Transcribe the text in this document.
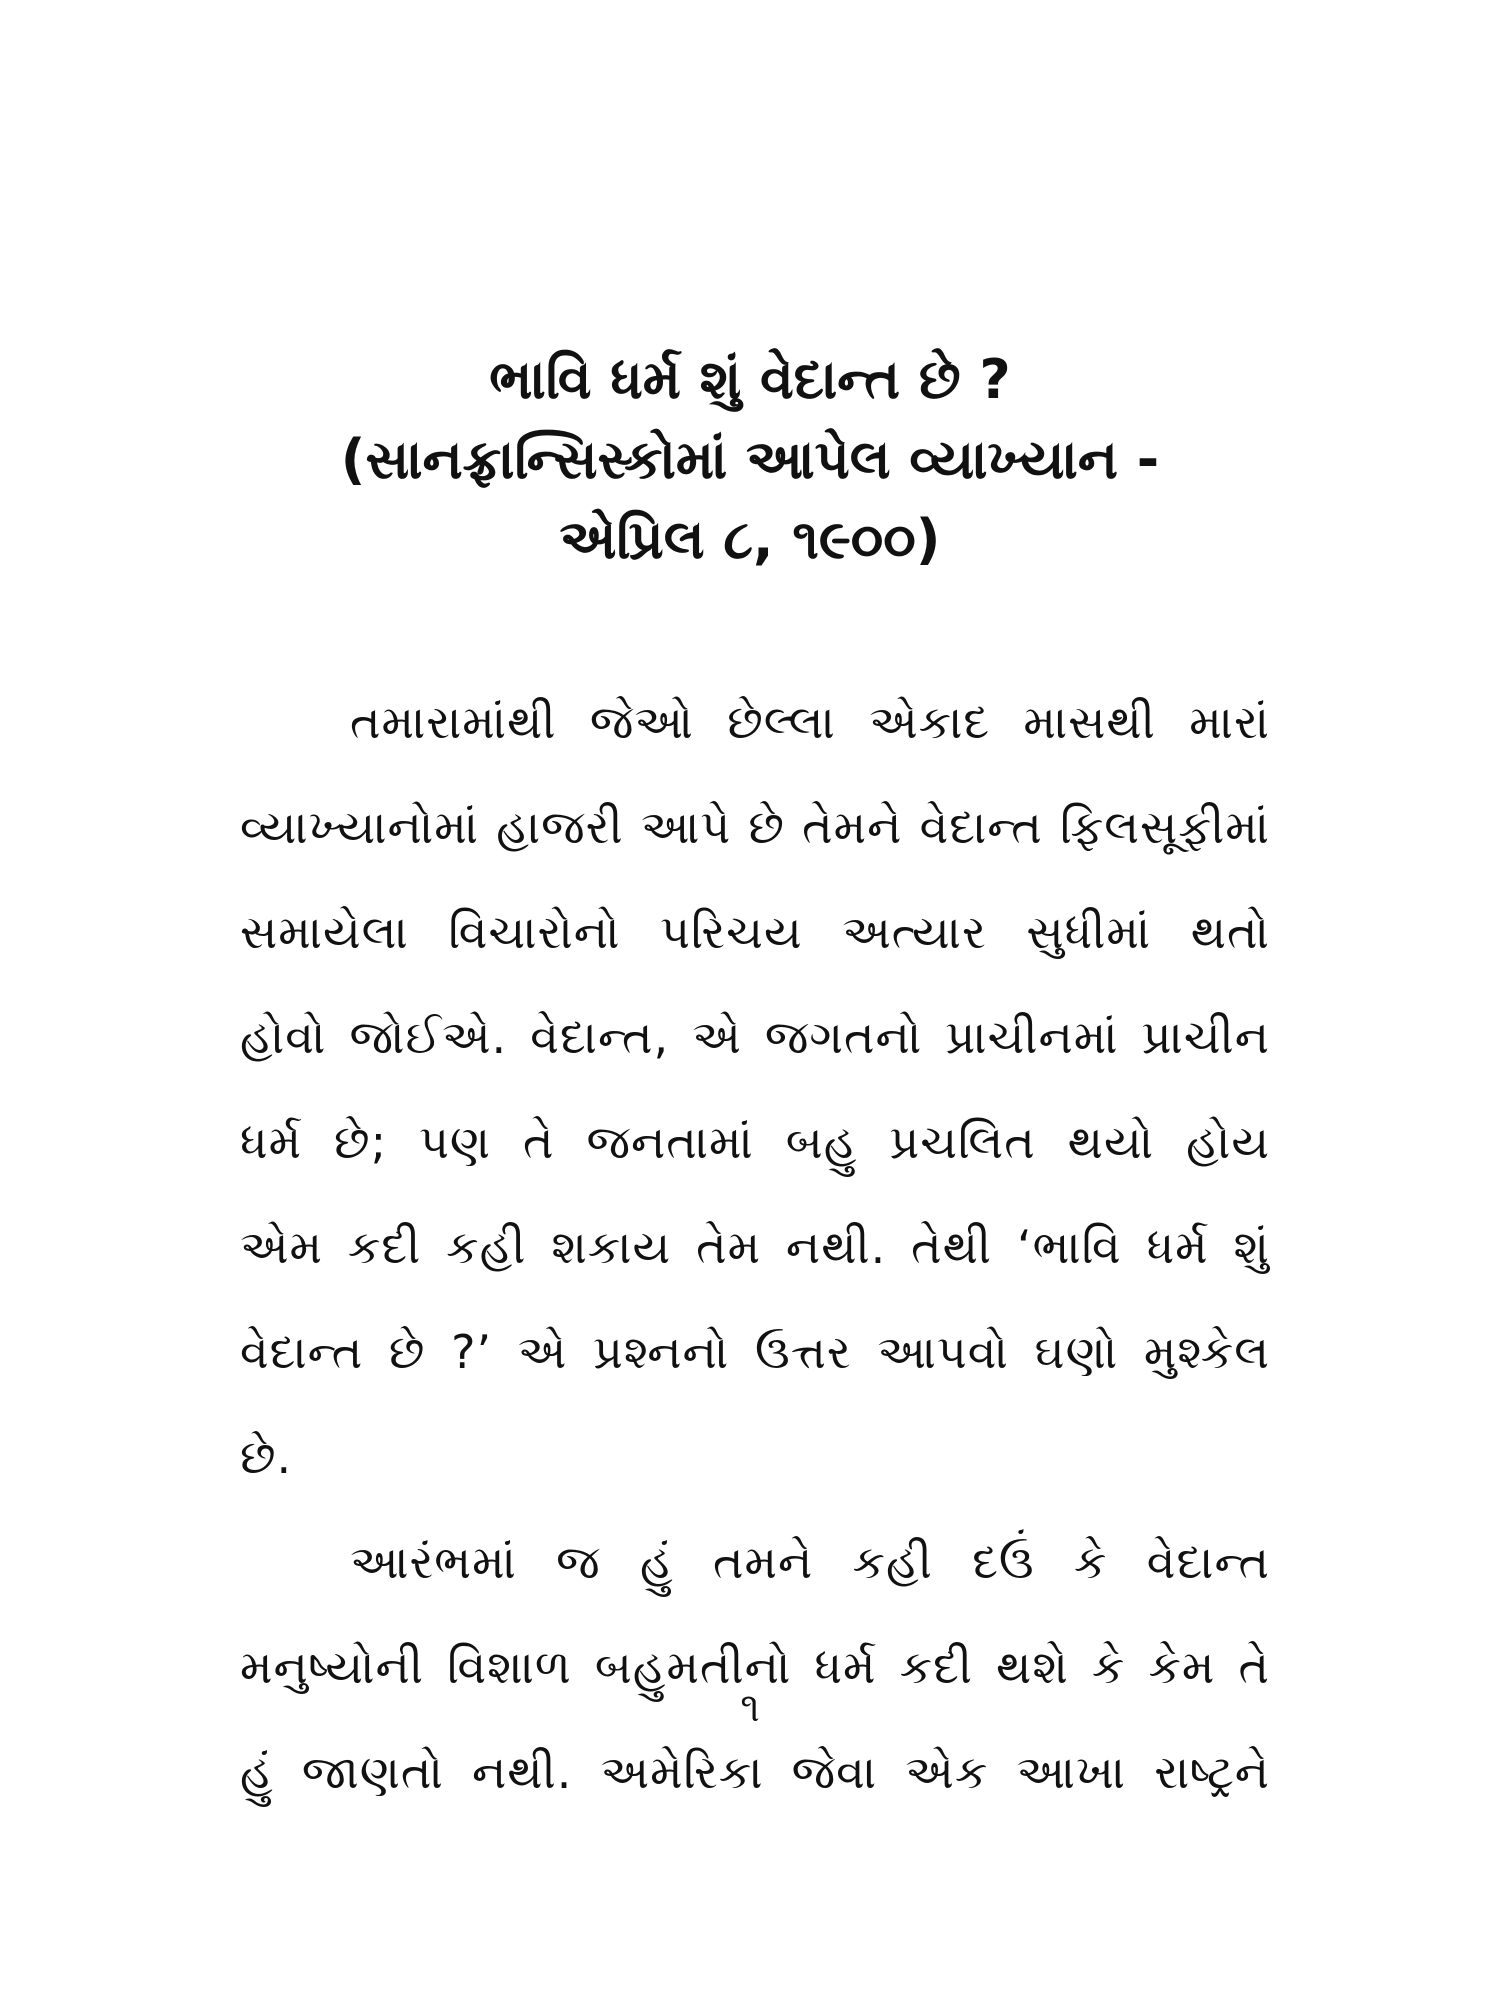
ભાવિ ધર્મ શું વેદાન્ત છે ?
(સાનફ્રાન્સિસ્કોમાં આપેલ વ્યાખ્યાન -
એપ્રિલ ૮, ૧૯૦૦)
તમારામાંથી જેઓ છેલ્લા એકાદ માસથી મારાં
વ્યાખ્યાનોમાં હાજરી આપે છે તેમને વેદાન્ત ફિલસૂફીમાં
સમાયેલા વિચારોનો પરિચય અત્યાર સુધીમાં થતો
હોવો જોઈએ. વેદાન્ત, એ જગતનો પ્રાચીનમાં પ્રાચીન
ધર્મ છે; પણ તે જનતામાં બહુ પ્રચલિત થયો હોય
એમ કદી કહી શકાય તેમ નથી. તેથી ‘ભાવિ ધર્મ શું
વેદાન્ત છે ?’ એ પ્રશ્નનો ઉત્તર આપવો ઘણો મુશ્કેલ
છે.
આરંભમાં જ હું તમને કહી દઉં કે વેદાન્ત
મનુષ્યોની વિશાળ બહુમતીનો ધર્મ કદી થશે કે કેમ તે
હું જાણતો નથી. અમેરિકા જેવા એક આખા રાષ્ટ્રને
૧
